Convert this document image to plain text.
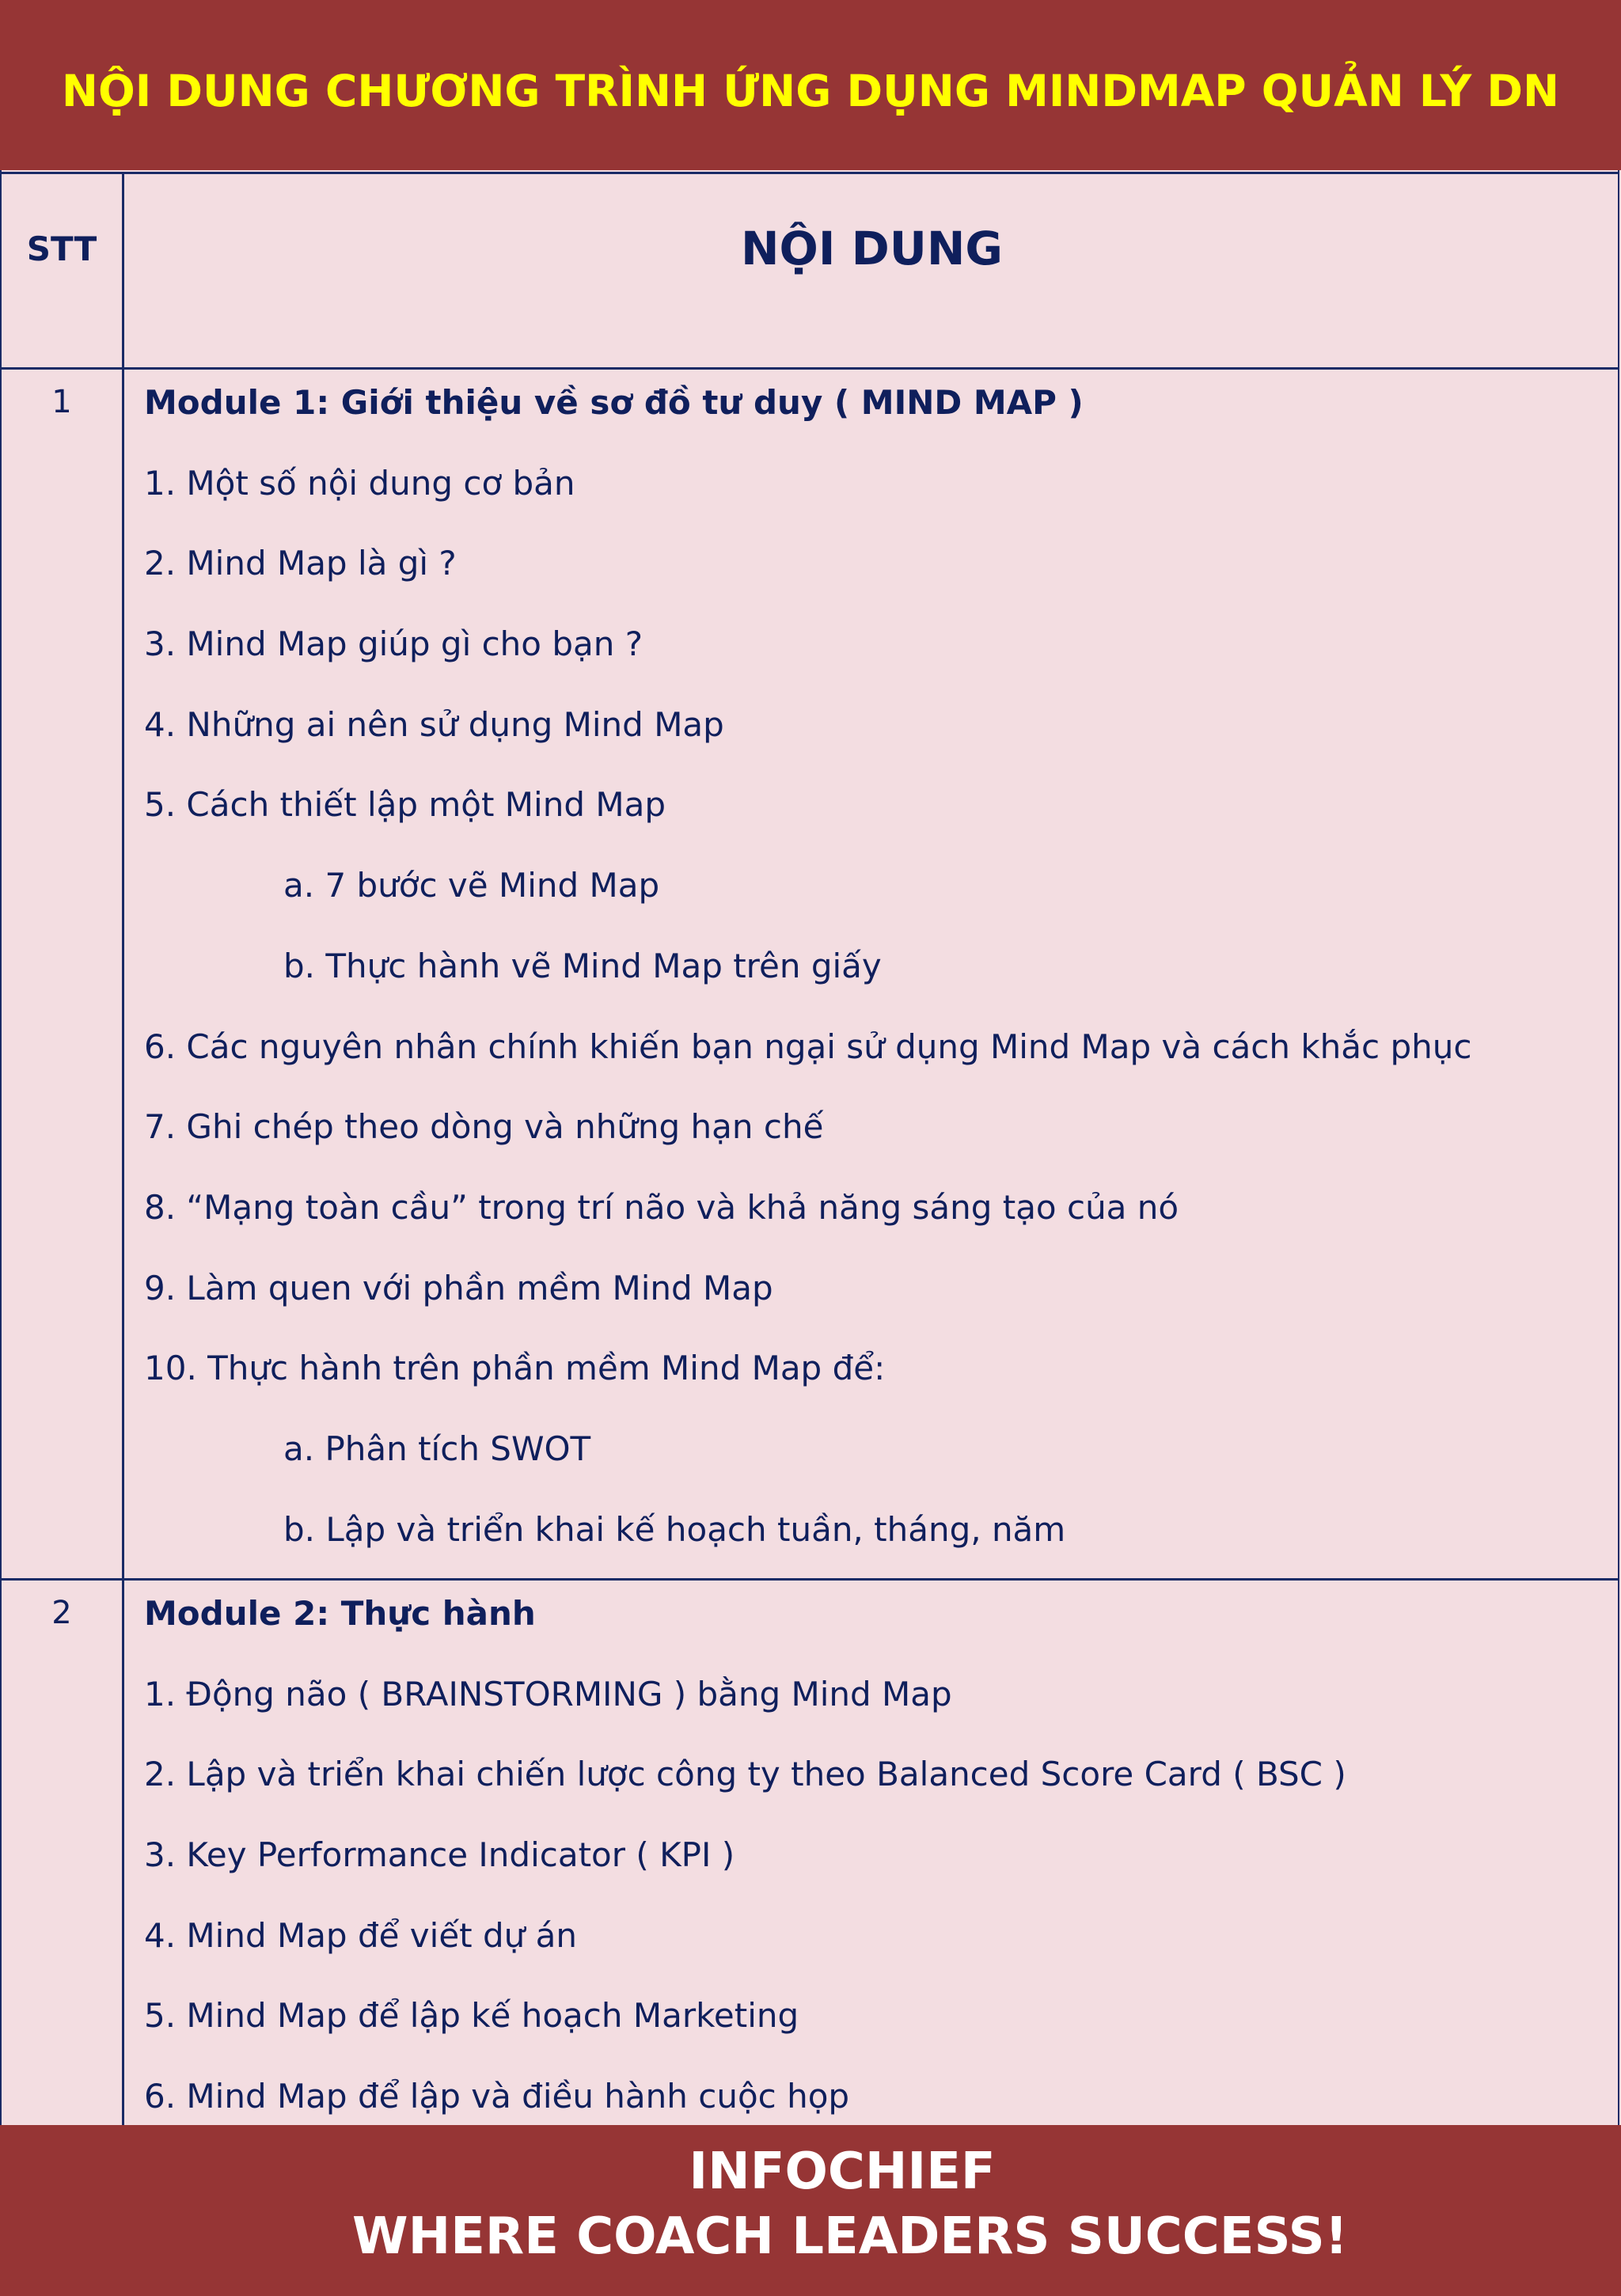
NỘI DUNG CHƯƠNG TRÌNH ỨNG DỤNG MINDMAP QUẢN LÝ DN
STT	NỘI DUNG
1	Module 1: Giới thiệu về sơ đồ tư duy ( MIND MAP )
1. Một số nội dung cơ bản
2. Mind Map là gì ?
3. Mind Map giúp gì cho bạn ?
4. Những ai nên sử dụng Mind Map
5. Cách thiết lập một Mind Map
a. 7 bước vẽ Mind Map
b. Thực hành vẽ Mind Map trên giấy
6. Các nguyên nhân chính khiến bạn ngại sử dụng Mind Map và cách khắc phục
7. Ghi chép theo dòng và những hạn chế
8. “Mạng toàn cầu” trong trí não và khả năng sáng tạo của nó
9. Làm quen với phần mềm Mind Map
10. Thực hành trên phần mềm Mind Map để:
a. Phân tích SWOT
b. Lập và triển khai kế hoạch tuần, tháng, năm
2	Module 2: Thực hành
1. Động não ( BRAINSTORMING ) bằng Mind Map
2. Lập và triển khai chiến lược công ty theo Balanced Score Card ( BSC )
3. Key Performance Indicator ( KPI )
4. Mind Map để viết dự án
5. Mind Map để lập kế hoạch Marketing
6. Mind Map để lập và điều hành cuộc họp
INFOCHIEF
WHERE COACH LEADERS SUCCESS!
